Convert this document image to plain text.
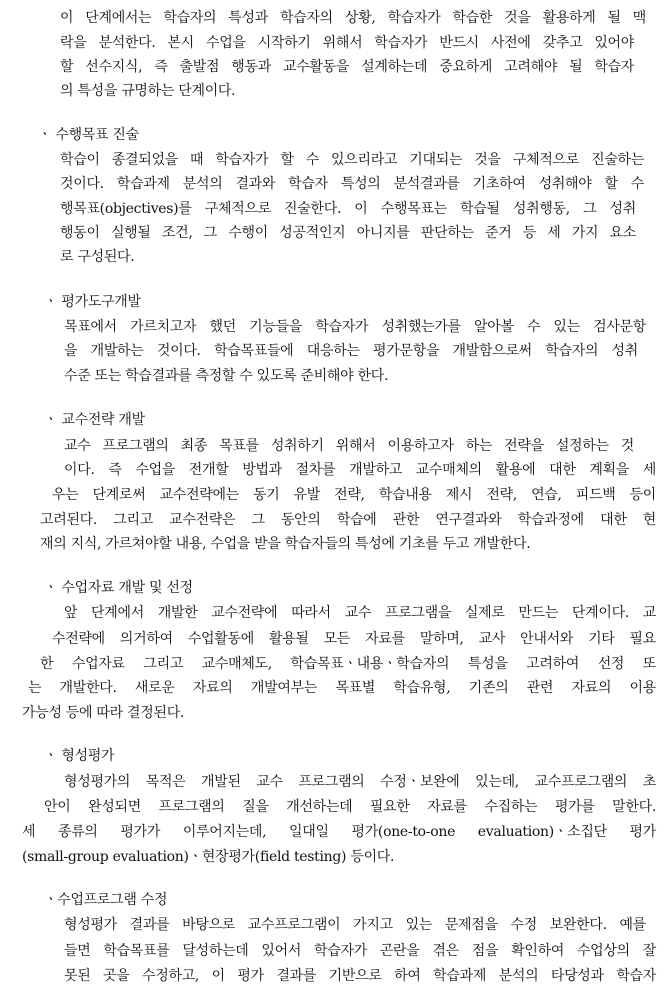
이 단계에서는 학습자의 특성과 학습자의 상황, 학습자가 학습한 것을 활용하게 될 맥
락을 분석한다. 본시 수업을 시작하기 위해서 학습자가 반드시 사전에 갖추고 있어야
할 선수지식, 즉 출발점 행동과 교수활동을 설계하는데 중요하게 고려해야 될 학습자
의 특성을 규명하는 단계이다.
ㆍ 수행목표 진술
학습이 종결되었을 때 학습자가 할 수 있으리라고 기대되는 것을 구체적으로 진술하는
것이다. 학습과제 분석의 결과와 학습자 특성의 분석결과를 기초하여 성취해야 할 수
행목표(objectives)를 구체적으로 진술한다. 이 수행목표는 학습될 성취행동, 그 성취
행동이 실행될 조건, 그 수행이 성공적인지 아니지를 판단하는 준거 등 세 가지 요소
로 구성된다.
ㆍ 평가도구개발
목표에서 가르치고자 했던 기능들을 학습자가 성취했는가를 알아볼 수 있는 검사문항
을 개발하는 것이다. 학습목표들에 대응하는 평가문항을 개발함으로써 학습자의 성취
수준 또는 학습결과를 측정할 수 있도록 준비해야 한다.
ㆍ 교수전략 개발
교수 프로그램의 최종 목표를 성취하기 위해서 이용하고자 하는 전략을 설정하는 것
이다. 즉 수업을 전개할 방법과 절차를 개발하고 교수매체의 활용에 대한 계획을 세
우는 단계로써 교수전략에는 동기 유발 전략, 학습내용 제시 전략, 연습, 피드백 등이
고려된다. 그리고 교수전략은 그 동안의 학습에 관한 연구결과와 학습과정에 대한 현
재의 지식, 가르쳐야할 내용, 수업을 받을 학습자들의 특성에 기초를 두고 개발한다.
ㆍ 수업자료 개발 및 선정
앞 단계에서 개발한 교수전략에 따라서 교수 프로그램을 실제로 만드는 단계이다. 교
수전략에 의거하여 수업활동에 활용될 모든 자료를 말하며, 교사 안내서와 기타 필요
한 수업자료 그리고 교수매체도, 학습목표ㆍ내용ㆍ학습자의 특성을 고려하여 선정 또
는 개발한다. 새로운 자료의 개발여부는 목표별 학습유형, 기존의 관련 자료의 이용
가능성 등에 따라 결정된다.
ㆍ 형성평가
형성평가의 목적은 개발된 교수 프로그램의 수정ㆍ보완에 있는데, 교수프로그램의 초
안이 완성되면 프로그램의 질을 개선하는데 필요한 자료를 수집하는 평가를 말한다.
세 종류의 평가가 이루어지는데, 일대일 평가(one-to-one evaluation)ㆍ소집단 평가
(small-group evaluation)ㆍ현장평가(field testing) 등이다.
ㆍ수업프로그램 수정
형성평가 결과를 바탕으로 교수프로그램이 가지고 있는 문제점을 수정 보완한다. 예를
들면 학습목표를 달성하는데 있어서 학습자가 곤란을 겪은 점을 확인하여 수업상의 잘
못된 곳을 수정하고, 이 평가 결과를 기반으로 하여 학습과제 분석의 타당성과 학습자
